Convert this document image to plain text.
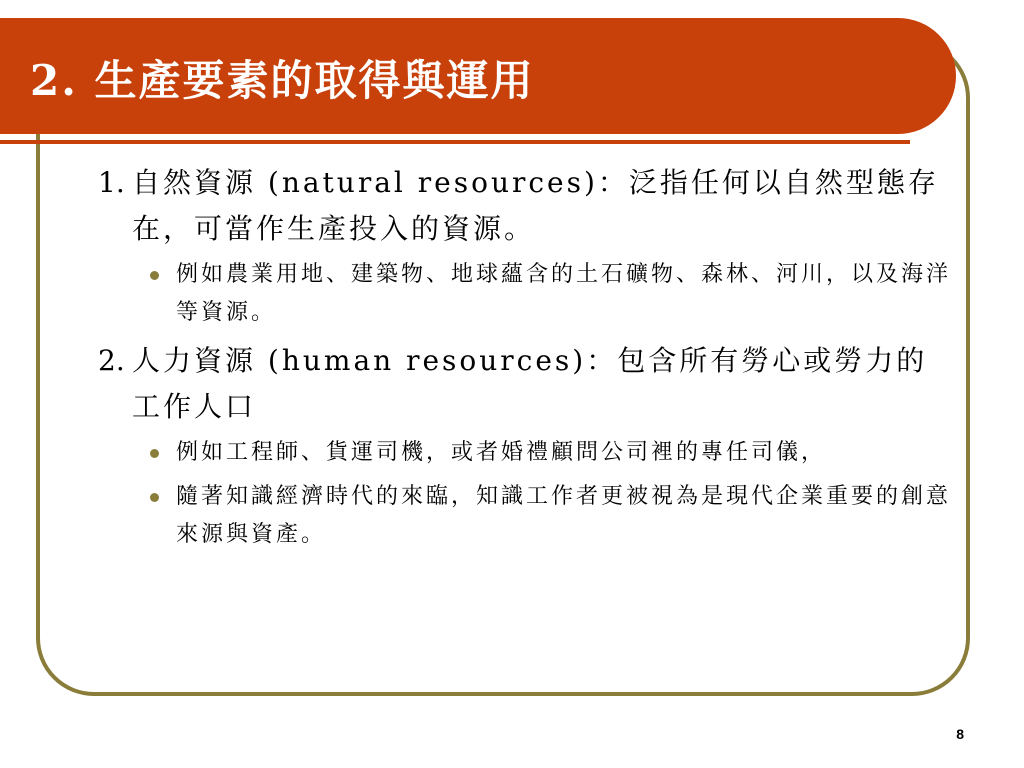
2. 生產要素的取得與運用
1. 自然資源 (natural resources)：泛指任何以自然型態存在，可當作生產投入的資源。
例如農業用地、建築物、地球蘊含的土石礦物、森林、河川，以及海洋等資源。
2. 人力資源 (human resources)：包含所有勞心或勞力的工作人口
例如工程師、貨運司機，或者婚禮顧問公司裡的專任司儀，
隨著知識經濟時代的來臨，知識工作者更被視為是現代企業重要的創意來源與資產。
8
